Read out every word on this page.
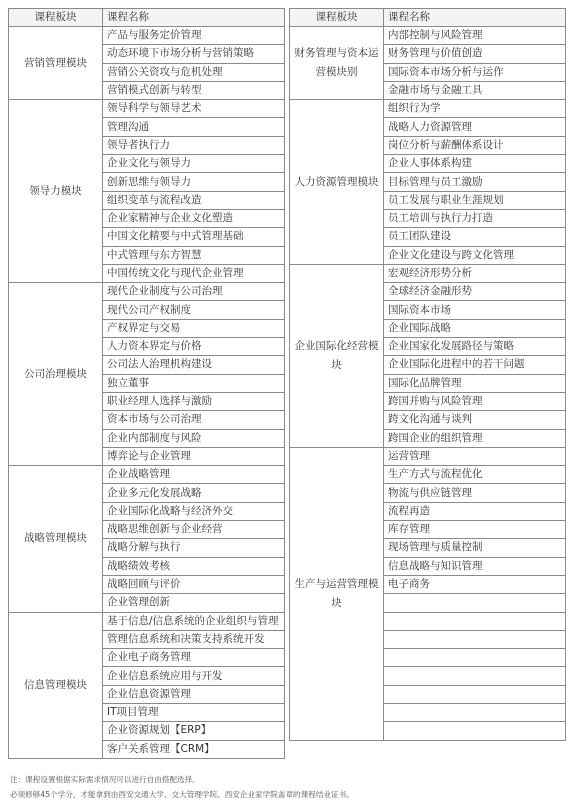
课程板块	课程名称
营销管理模块	产品与服务定价管理
	动态环境下市场分析与营销策略
	营销公关资攻与危机处理
	营销模式创新与转型
领导力模块	领导科学与领导艺术
	管理沟通
	领导者执行力
	企业文化与领导力
	创新思维与领导力
	组织变革与流程改造
	企业家精神与企业文化塑造
	中国文化精要与中式管理基础
	中式管理与东方智慧
	中国传统文化与现代企业管理
公司治理模块	现代企业制度与公司治理
	现代公司产权制度
	产权界定与交易
	人力资本界定与价格
	公司法人治理机构建设
	独立董事
	职业经理人选择与激励
	资本市场与公司治理
	企业内部制度与风险
	博弈论与企业管理
战略管理模块	企业战略管理
	企业多元化发展战略
	企业国际化战略与经济外交
	战略思维创新与企业经营
	战略分解与执行
	战略绩效考核
	战略回顾与评价
	企业管理创新
信息管理模块	基于信息/信息系统的企业组织与管理
	管理信息系统和决策支持系统开发
	企业电子商务管理
	企业信息系统应用与开发
	企业信息资源管理
	IT项目管理
	企业资源规划【ERP】
	客户关系管理【CRM】
课程板块	课程名称
财务管理与资本运营模块别	内部控制与风险管理
	财务管理与价值创造
	国际资本市场分析与运作
	金融市场与金融工具
人力资源管理模块	组织行为学
	战略人力资源管理
	岗位分析与薪酬体系设计
	企业人事体系构建
	目标管理与员工激励
	员工发展与职业生涯规划
	员工培训与执行力打造
	员工团队建设
	企业文化建设与跨文化管理
企业国际化经营模块	宏观经济形势分析
	全球经济金融形势
	国际资本市场
	企业国际战略
	企业国家化发展路径与策略
	企业国际化进程中的若干问题
	国际化品牌管理
	跨国并购与风险管理
	跨文化沟通与谈判
	跨国企业的组织管理
生产与运营管理模块	运营管理
	生产方式与流程优化
	物流与供应链管理
	流程再造
	库存管理
	现场管理与质量控制
	信息战略与知识管理
	电子商务

注：课程设置根据实际需求情况可以进行自由搭配选择。
必须修够45个学分，才能拿到由西安交通大学、交大管理学院、西安企业家学院盖章的课程结业证书。
